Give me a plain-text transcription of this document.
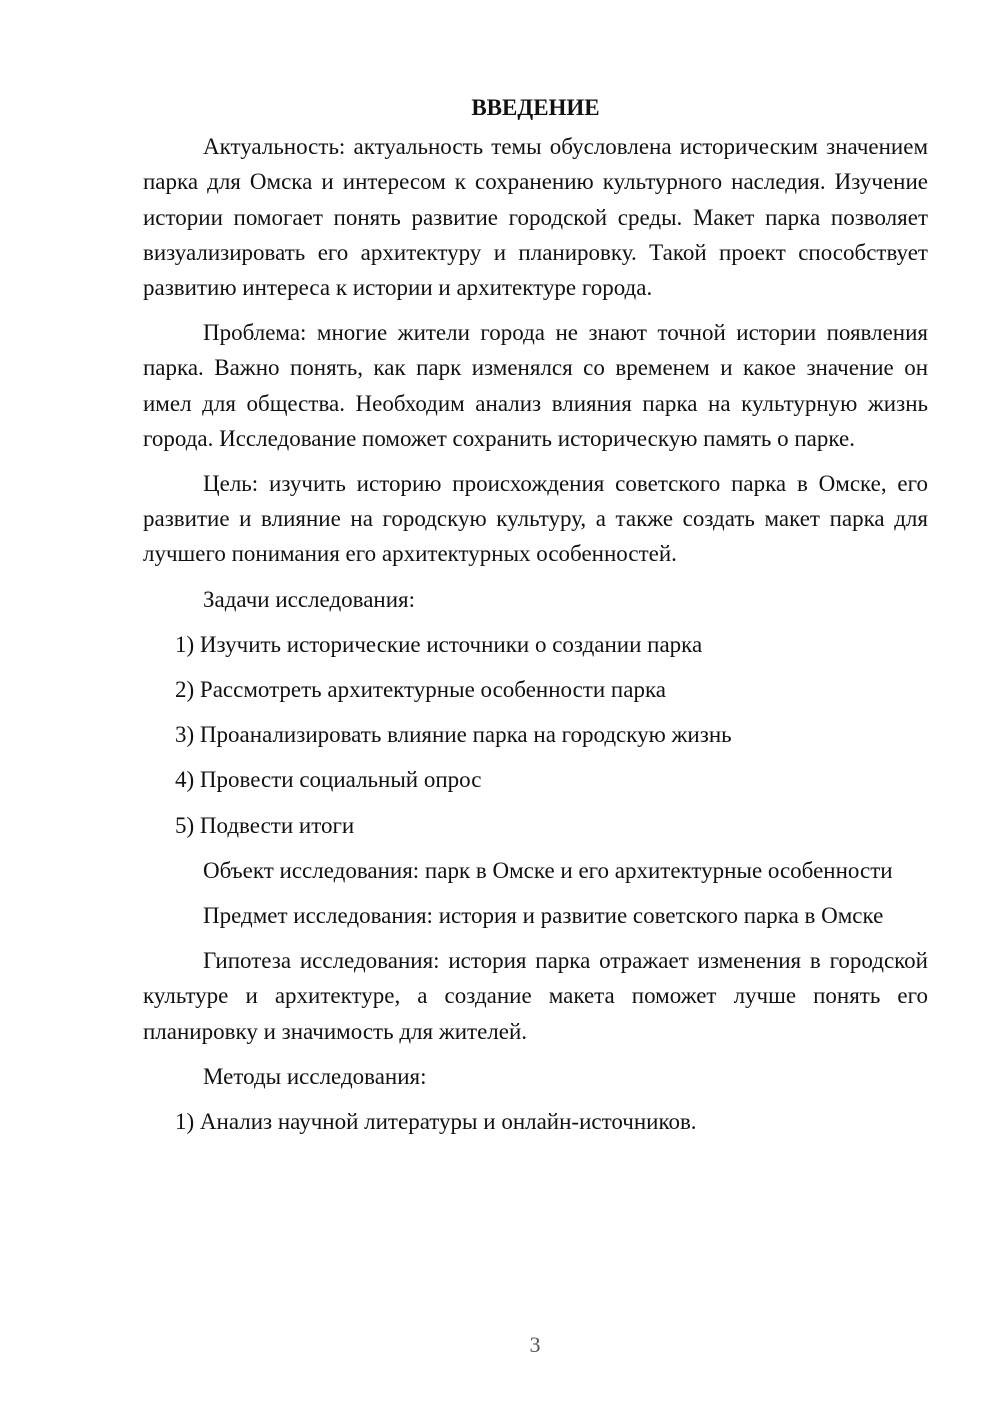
ВВЕДЕНИЕ

Актуальность: актуальность темы обусловлена историческим значением парка для Омска и интересом к сохранению культурного наследия. Изучение истории помогает понять развитие городской среды. Макет парка позволяет визуализировать его архитектуру и планировку. Такой проект способствует развитию интереса к истории и архитектуре города.

Проблема: многие жители города не знают точной истории появления парка. Важно понять, как парк изменялся со временем и какое значение он имел для общества. Необходим анализ влияния парка на культурную жизнь города. Исследование поможет сохранить историческую память о парке.

Цель: изучить историю происхождения советского парка в Омске, его развитие и влияние на городскую культуру, а также создать макет парка для лучшего понимания его архитектурных особенностей.

Задачи исследования:

1) Изучить исторические источники о создании парка

2) Рассмотреть архитектурные особенности парка

3) Проанализировать влияние парка на городскую жизнь

4) Провести социальный опрос

5) Подвести итоги

Объект исследования: парк в Омске и его архитектурные особенности

Предмет исследования: история и развитие советского парка в Омске

Гипотеза исследования: история парка отражает изменения в городской культуре и архитектуре, а создание макета поможет лучше понять его планировку и значимость для жителей.

Методы исследования:

1) Анализ научной литературы и онлайн-источников.

3
